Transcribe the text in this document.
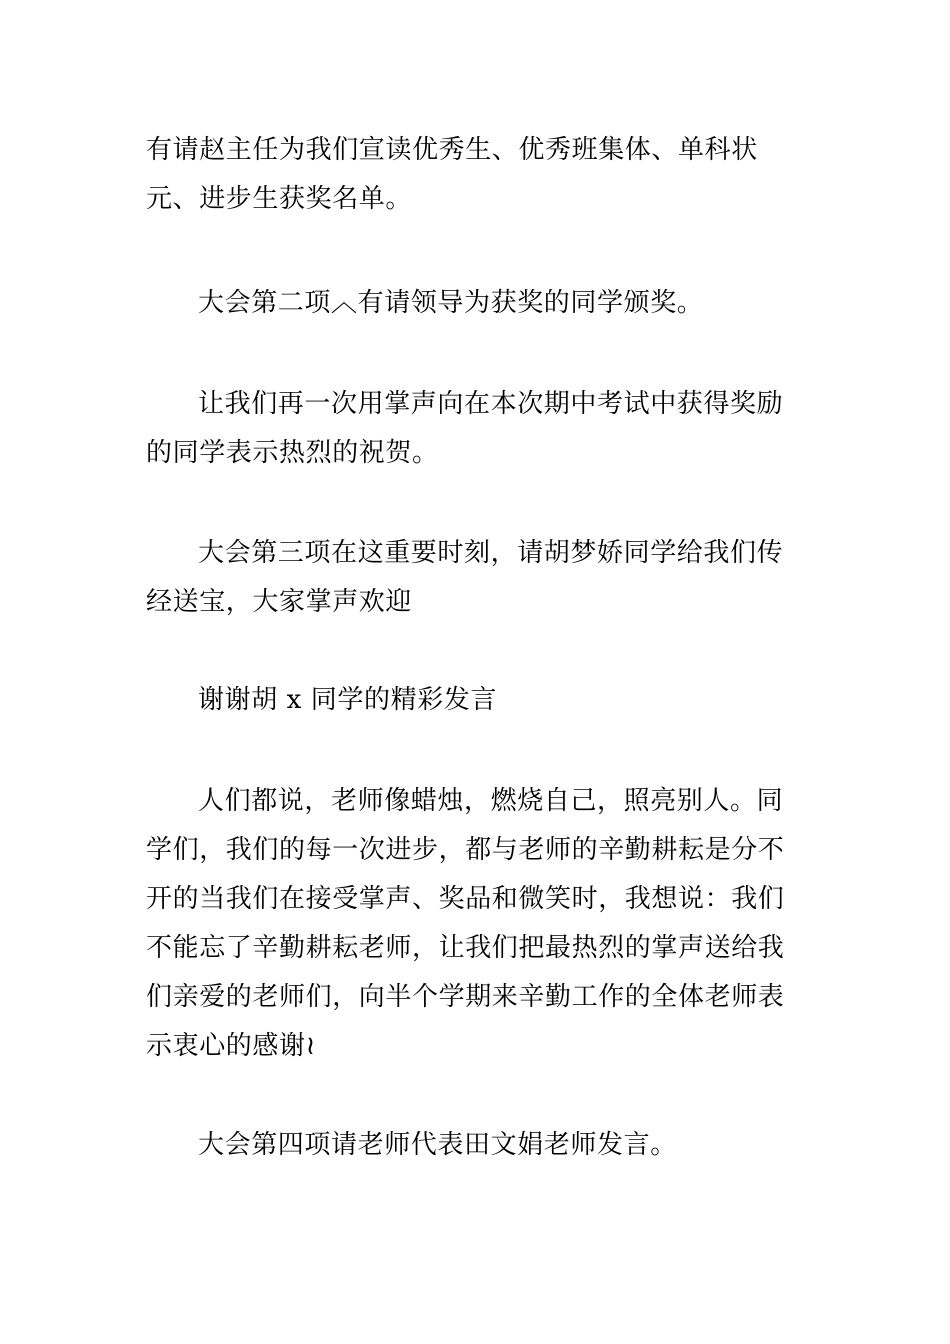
有请赵主任为我们宣读优秀生、优秀班集体、单科状元、进步生获奖名单。

大会第二项︿有请领导为获奖的同学颁奖。

让我们再一次用掌声向在本次期中考试中获得奖励的同学表示热烈的祝贺。

大会第三项在这重要时刻，请胡梦娇同学给我们传经送宝，大家掌声欢迎

谢谢胡 x 同学的精彩发言

人们都说，老师像蜡烛，燃烧自己，照亮别人。同学们，我们的每一次进步，都与老师的辛勤耕耘是分不开的当我们在接受掌声、奖品和微笑时，我想说：我们不能忘了辛勤耕耘老师，让我们把最热烈的掌声送给我们亲爱的老师们，向半个学期来辛勤工作的全体老师表示衷心的感谢≀

大会第四项请老师代表田文娟老师发言。
